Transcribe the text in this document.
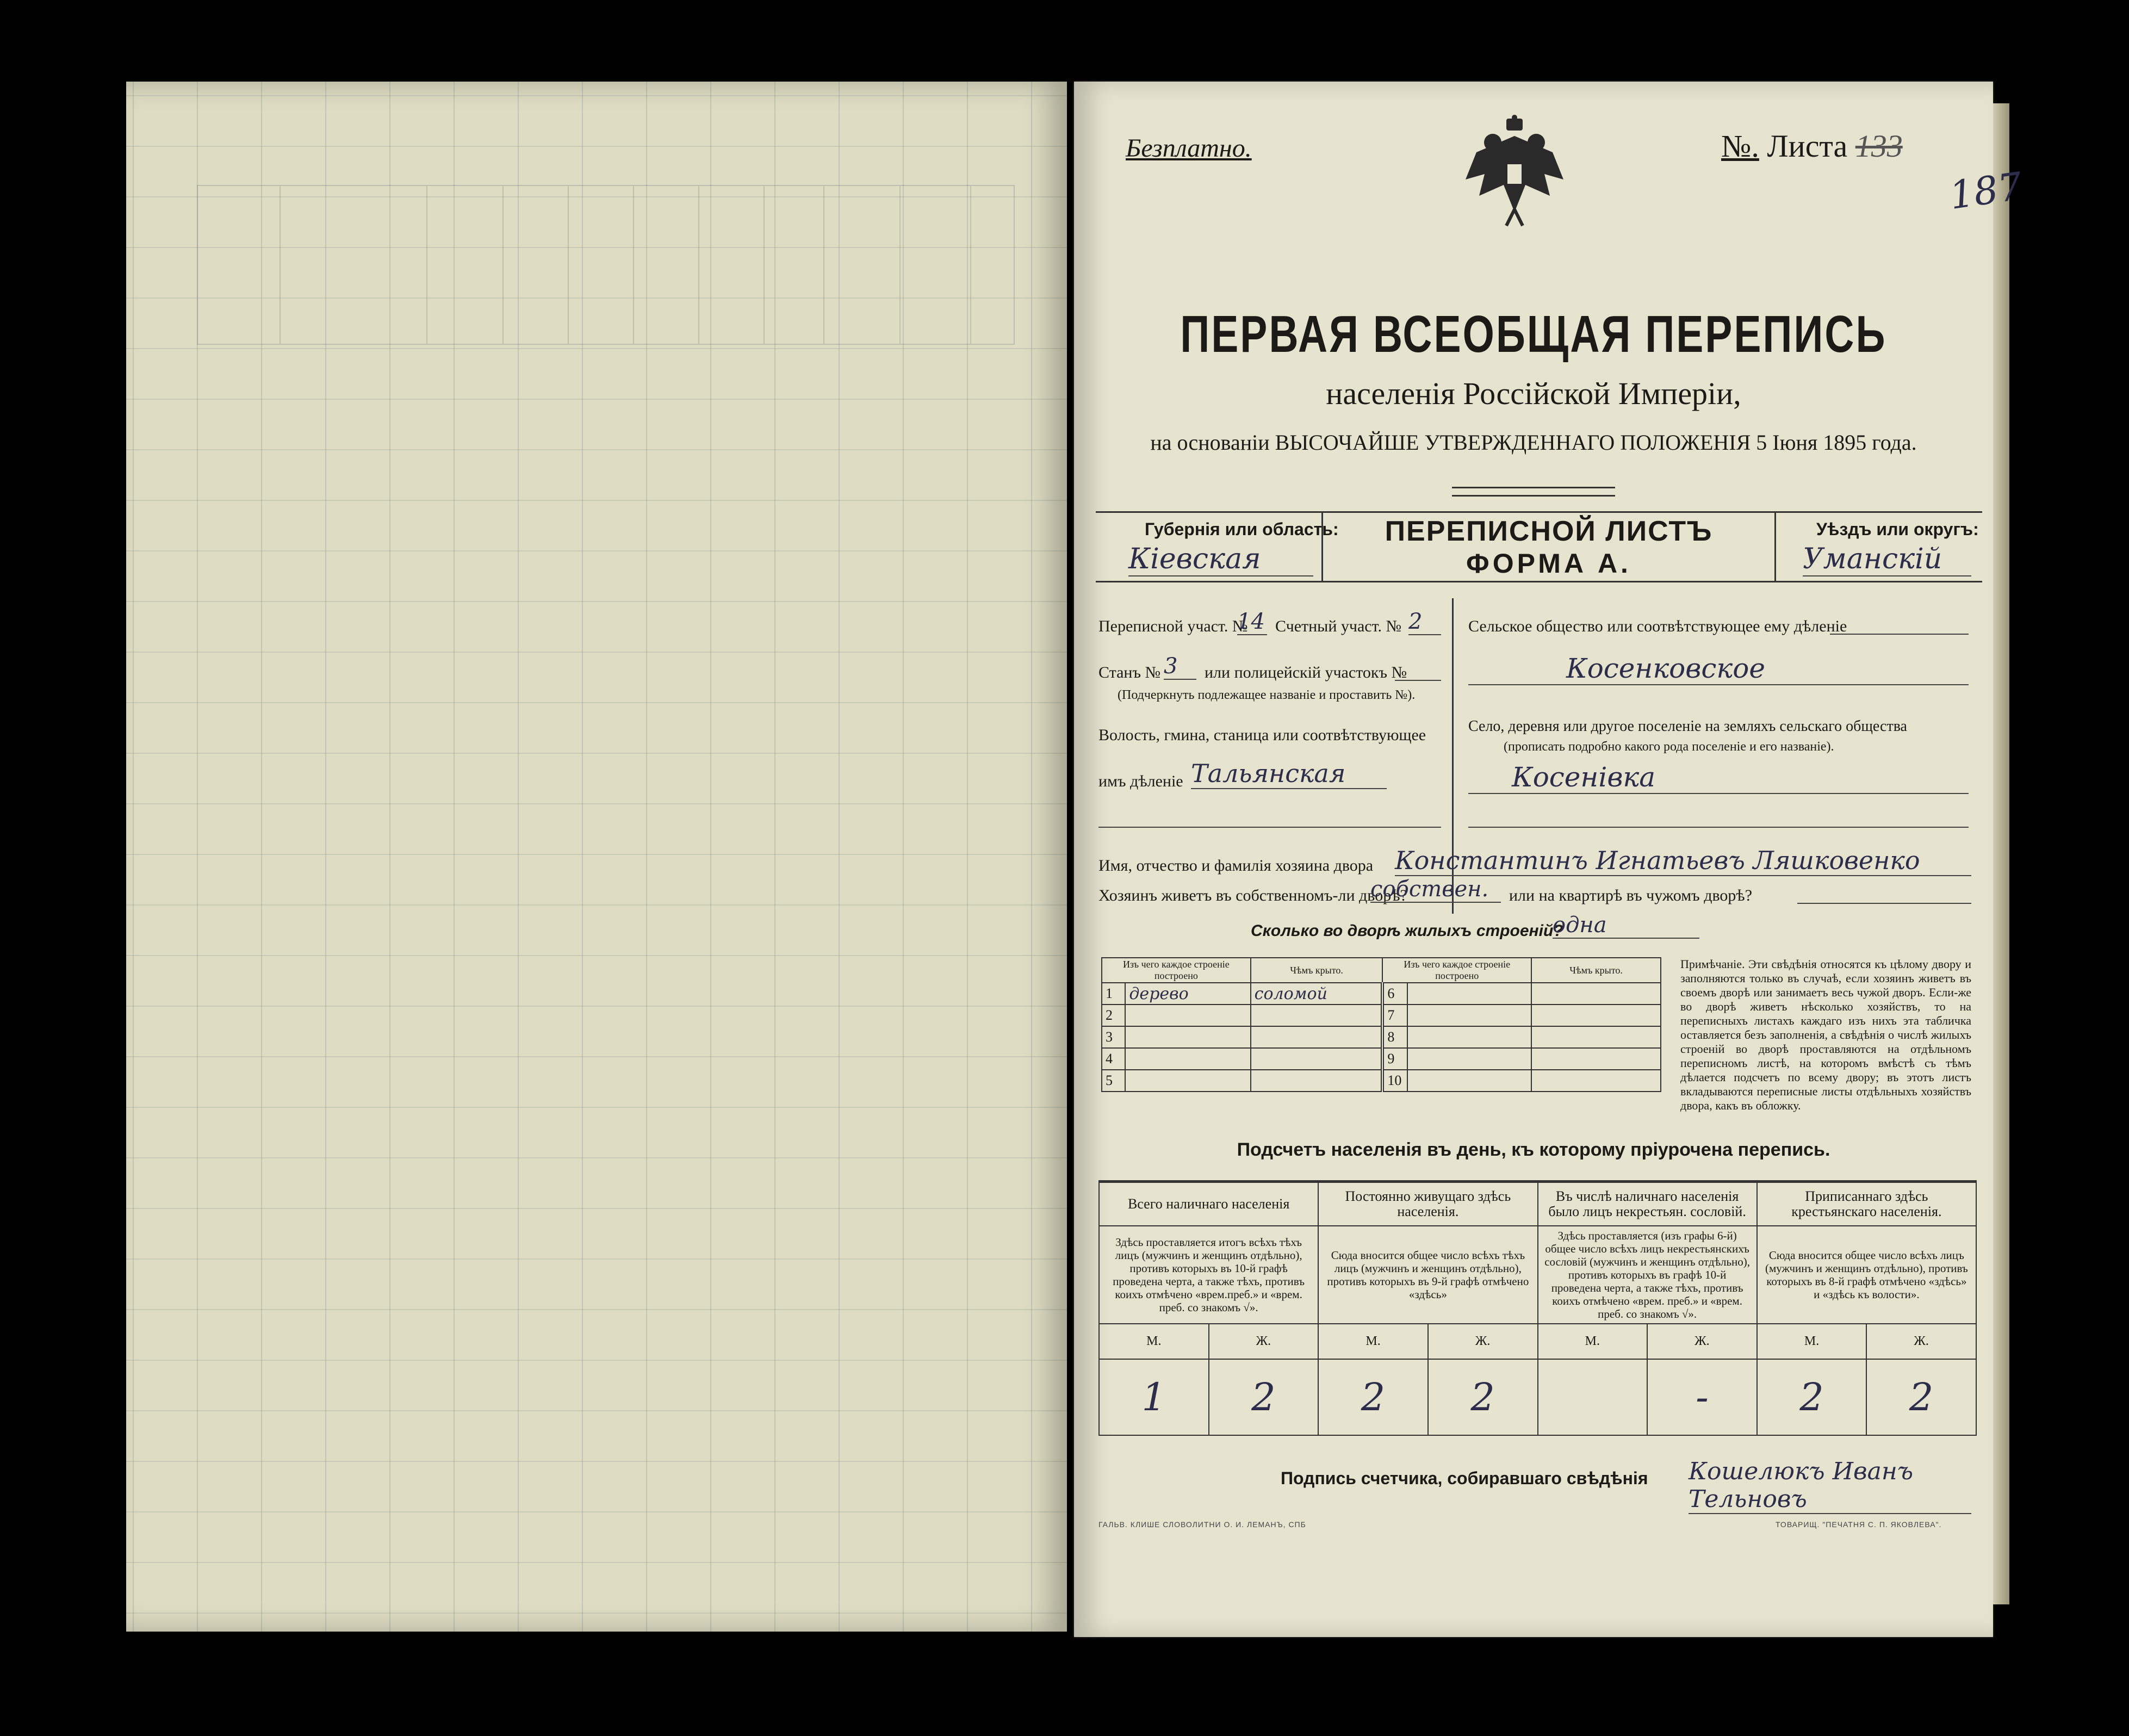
Безплатно.	№. Листа 133
187
ПЕРВАЯ ВСЕОБЩАЯ ПЕРЕПИСЬ
населенія Россійской Имперіи,
на основаніи ВЫСОЧАЙШЕ УТВЕРЖДЕННАГО ПОЛОЖЕНІЯ 5 Іюня 1895 года.
Губернія или область:
Кіевская
ПЕРЕПИСНОЙ ЛИСТЪ
ФОРМА А.
Уѣздъ или округъ:
Уманскій
Переписной участ. №
14 Счетный участ. № 2
Станъ № 3	или полицейскій участокъ №
(Подчеркнуть подлежащее названіе и проставить №).
Волость, гмина, станица или соотвѣтствующее
имъ дѣленіе Тальянская
Сельское общество или соотвѣтствующее ему дѣленіе
Косенковское
Село, деревня или другое поселеніе на земляхъ сельскаго общества
(прописать подробно какого рода поселеніе и его названіе).
Косенівка
Имя, отчество и фамилія хозяина двора Константинъ Игнатьевъ Ляшковенко
Хозяинъ живетъ въ собственномъ-ли дворѣ?
собствен.	или на квартирѣ въ чужомъ дворѣ?
Сколько во дворѣ жилыхъ строеній?
одна
Изъ чего каждое строеніе построено		Чѣмъ крыто.	Изъ чего каждое строеніе построено		Чѣмъ крыто.
1	дерево	соломой	6		
2			7		
3			8		
4			9		
5			10		
Примѣчаніе. Эти свѣдѣнія относятся къ цѣлому двору и заполняются только въ случаѣ, если хозяинъ живетъ въ своемъ дворѣ или занимаетъ весь чужой дворъ. Если-же во дворѣ живетъ нѣсколько хозяйствъ, то на переписныхъ листахъ каждаго изъ нихъ эта табличка оставляется безъ заполненія, а свѣдѣнія о числѣ жилыхъ строеній во дворѣ проставляются на отдѣльномъ переписномъ листѣ, на которомъ вмѣстѣ съ тѣмъ дѣлается подсчетъ по всему двору; въ этотъ листъ вкладываются переписные листы отдѣльныхъ хозяйствъ двора, какъ въ обложку.
Подсчетъ населенія въ день, къ которому пріурочена перепись.
Всего наличнаго населенія		Постоянно живущаго здѣсь населенія.		Въ числѣ наличнаго населенія было лицъ некрестьян. сословій.		Приписаннаго здѣсь крестьянскаго населенія.	
Здѣсь проставляется итогъ всѣхъ тѣхъ лицъ (мужчинъ и женщинъ отдѣльно), противъ которыхъ въ 10-й графѣ проведена черта, а также тѣхъ, противъ коихъ отмѣчено «врем.преб.» и «врем. преб. со знакомъ √».		Сюда вносится общее число всѣхъ тѣхъ лицъ (мужчинъ и женщинъ отдѣльно), противъ которыхъ въ 9-й графѣ отмѣчено «здѣсь»		Здѣсь проставляется (изъ графы 6-й) общее число всѣхъ лицъ некрестьянскихъ сословій (мужчинъ и женщинъ отдѣльно), противъ которыхъ въ графѣ 10-й проведена черта, а также тѣхъ, противъ коихъ отмѣчено «врем. преб.» и «врем. преб. со знакомъ √».		Сюда вносится общее число всѣхъ лицъ (мужчинъ и женщинъ отдѣльно), противъ которыхъ въ 8-й графѣ отмѣчено «здѣсь» и «здѣсь къ волости».	
М.	Ж.	М.	Ж.	М.	Ж.	М.	Ж.
1	2	2	2		-	2	2
Подпись счетчика, собиравшаго свѣдѣнія Кошелюкъ Иванъ Тельновъ
ГАЛЬВ. КЛИШЕ СЛОВОЛИТНИ О. И. ЛЕМАНЪ, СПБ	ТОВАРИЩ. "ПЕЧАТНЯ С. П. ЯКОВЛЕВА".
